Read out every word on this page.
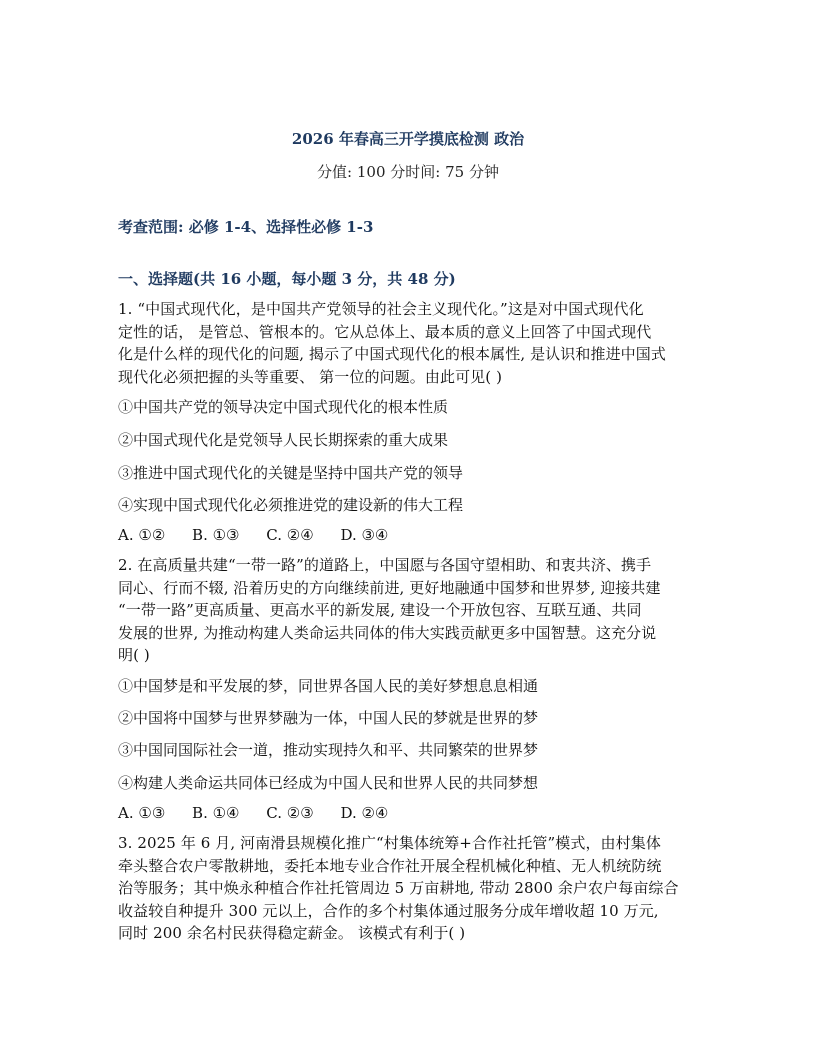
2026 年春高三开学摸底检测 政治
分值: 100 分时间: 75 分钟
考查范围: 必修 1-4、选择性必修 1-3
一、选择题(共 16 小题，每小题 3 分，共 48 分)
1. “中国式现代化，是中国共产党领导的社会主义现代化。”这是对中国式现代化
定性的话， 是管总、管根本的。它从总体上、最本质的意义上回答了中国式现代
化是什么样的现代化的问题, 揭示了中国式现代化的根本属性, 是认识和推进中国式
现代化必须把握的头等重要、 第一位的问题。由此可见( )
①中国共产党的领导决定中国式现代化的根本性质
②中国式现代化是党领导人民长期探索的重大成果
③推进中国式现代化的关键是坚持中国共产党的领导
④实现中国式现代化必须推进党的建设新的伟大工程
A. ①② B. ①③ C. ②④ D. ③④
2. 在高质量共建“一带一路”的道路上，中国愿与各国守望相助、和衷共济、携手
同心、行而不辍, 沿着历史的方向继续前进, 更好地融通中国梦和世界梦, 迎接共建
“一带一路”更高质量、更高水平的新发展, 建设一个开放包容、互联互通、共同
发展的世界, 为推动构建人类命运共同体的伟大实践贡献更多中国智慧。这充分说
明( )
①中国梦是和平发展的梦，同世界各国人民的美好梦想息息相通
②中国将中国梦与世界梦融为一体，中国人民的梦就是世界的梦
③中国同国际社会一道，推动实现持久和平、共同繁荣的世界梦
④构建人类命运共同体已经成为中国人民和世界人民的共同梦想
A. ①③ B. ①④ C. ②③ D. ②④
3. 2025 年 6 月, 河南滑县规模化推广“村集体统筹+合作社托管”模式，由村集体
牵头整合农户零散耕地，委托本地专业合作社开展全程机械化种植、无人机统防统
治等服务；其中焕永种植合作社托管周边 5 万亩耕地, 带动 2800 余户农户每亩综合
收益较自种提升 300 元以上，合作的多个村集体通过服务分成年增收超 10 万元,
同时 200 余名村民获得稳定薪金。 该模式有利于( )
